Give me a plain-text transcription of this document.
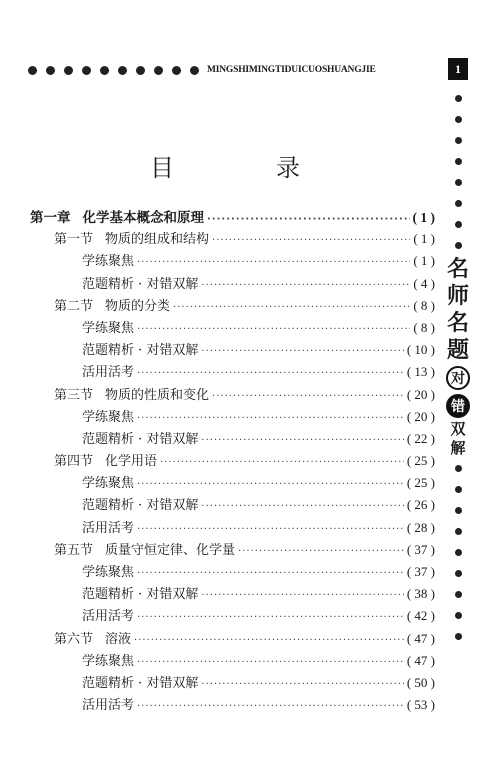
MINGSHIMINGTIDUICUOSHUANGJIE	1
目	录
第一章 化学基本概念和原理 ·····	( 1 )
第一节 物质的组成和结构 ·····	( 1 )
学练聚焦 ·····	( 1 )
范题精析 · 对错双解 ·····	( 4 )
第二节 物质的分类 ·····	( 8 )
学练聚焦 ·····	( 8 )
范题精析 · 对错双解 ·····	( 10 )
活用活考 ·····	( 13 )
第三节 物质的性质和变化 ·····	( 20 )
学练聚焦 ·····	( 20 )
范题精析 · 对错双解 ·····	( 22 )
第四节 化学用语 ·····	( 25 )
学练聚焦 ·····	( 25 )
范题精析 · 对错双解 ·····	( 26 )
活用活考 ·····	( 28 )
第五节 质量守恒定律、化学量 ·····	( 37 )
学练聚焦 ·····	( 37 )
范题精析 · 对错双解 ·····	( 38 )
活用活考 ·····	( 42 )
第六节 溶液 ·····	( 47 )
学练聚焦 ·····	( 47 )
范题精析 · 对错双解 ·····	( 50 )
活用活考 ·····	( 53 )
名
师
名
题
对
错
双
解
